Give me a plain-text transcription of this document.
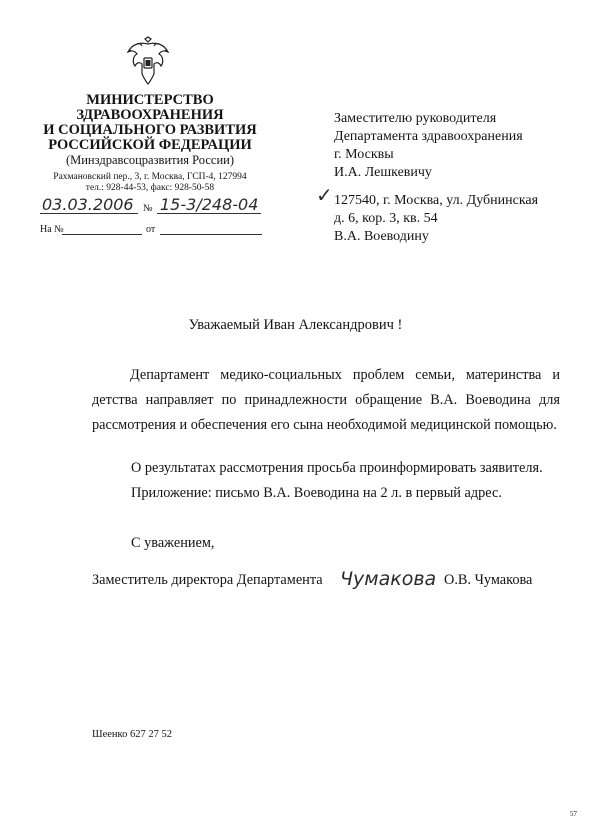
МИНИСТЕРСТВО
ЗДРАВООХРАНЕНИЯ
И СОЦИАЛЬНОГО РАЗВИТИЯ
РОССИЙСКОЙ ФЕДЕРАЦИИ
(Минздравсоцразвития России)
Рахмановский пер., 3, г. Москва, ГСП-4, 127994
тел.: 928-44-53, факс: 928-50-58
03.03.2006 № 15-3/248-04
На №	от
Заместителю руководителя
Департамента здравоохранения
г. Москвы
И.А. Лешкевичу
✓ 127540, г. Москва, ул. Дубнинская
д. 6, кор. 3, кв. 54
В.А. Воеводину
Уважаемый Иван Александрович !
Департамент медико-социальных проблем семьи, материнства и детства направляет по принадлежности обращение В.А. Воеводина для рассмотрения и обеспечения его сына необходимой медицинской помощью.
О результатах рассмотрения просьба проинформировать заявителя.
Приложение: письмо В.А. Воеводина на 2 л. в первый адрес.
С уважением,
Заместитель директора Департамента Чумакова О.В. Чумакова
Шеенко 627 27 52
57
